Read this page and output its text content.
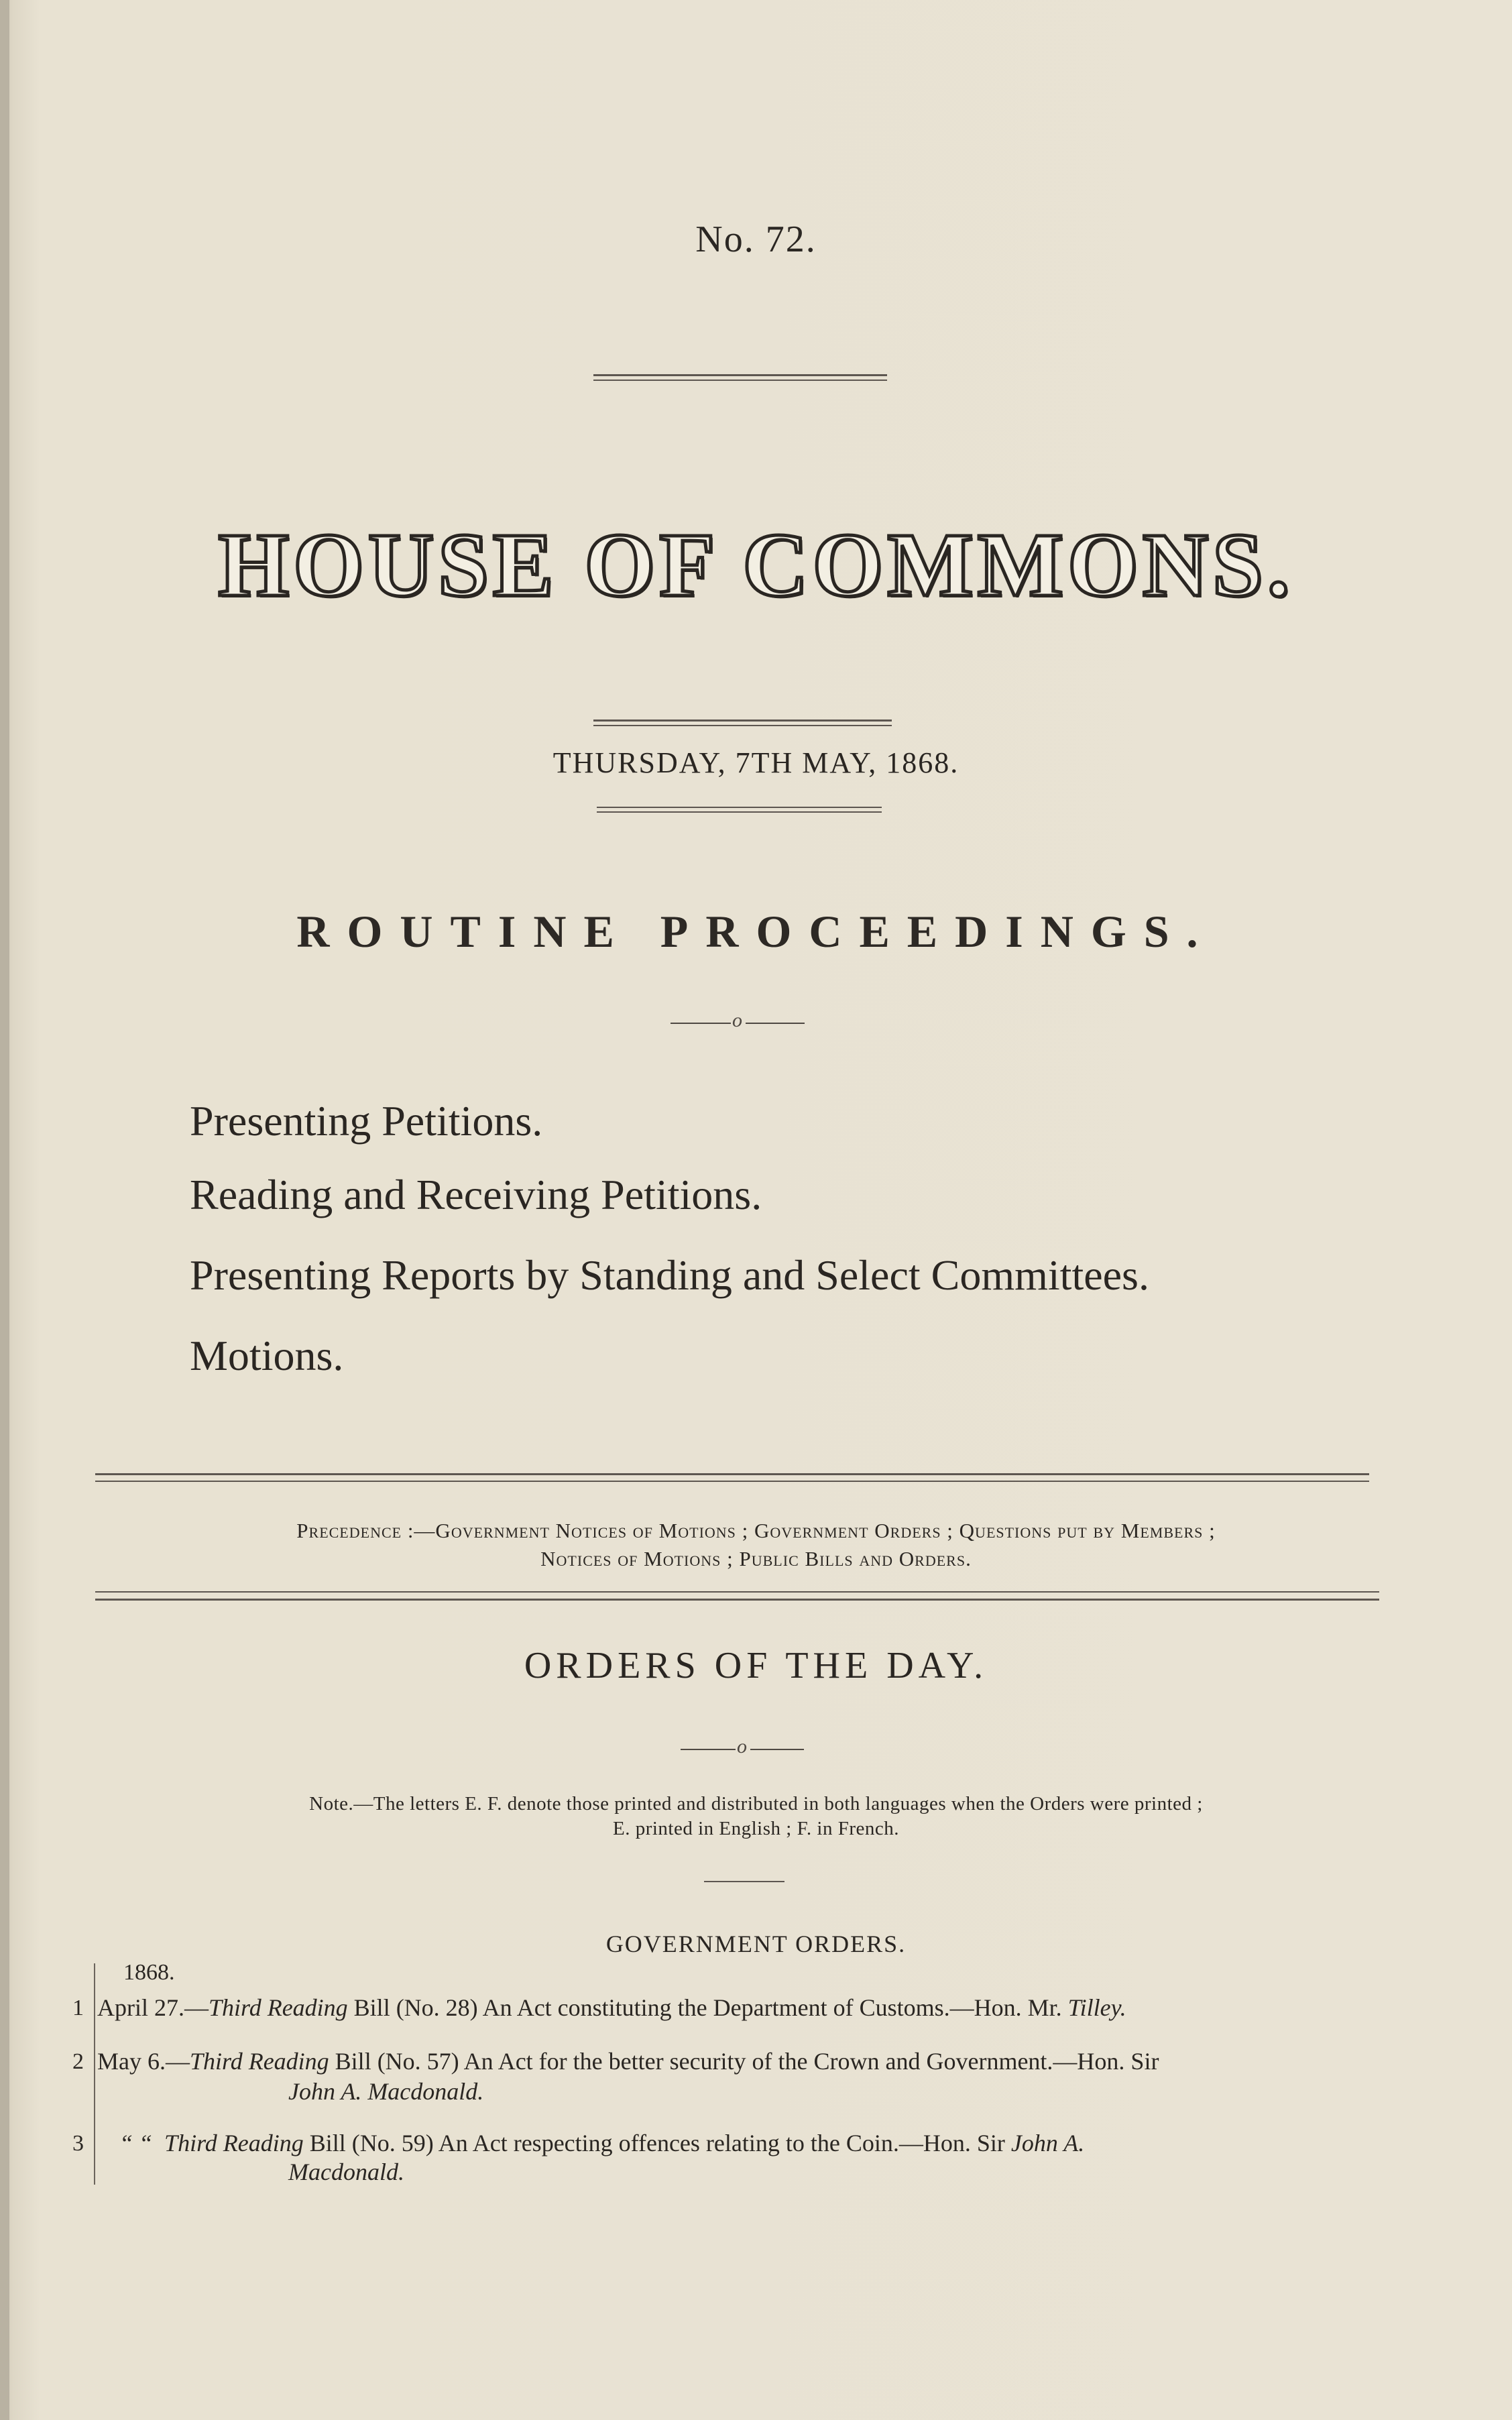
No. 72.
HOUSE OF COMMONS.
THURSDAY, 7TH MAY, 1868.
ROUTINE PROCEEDINGS.
o
Presenting Petitions.
Reading and Receiving Petitions.
Presenting Reports by Standing and Select Committees.
Motions.
Precedence :—Government Notices of Motions ; Government Orders ; Questions put by Members ;
Notices of Motions ; Public Bills and Orders.
ORDERS OF THE DAY.
o
Note.—The letters E. F. denote those printed and distributed in both languages when the Orders were printed ;
E. printed in English ; F. in French.
GOVERNMENT ORDERS.
1868.
1 April 27.—Third Reading Bill (No. 28) An Act constituting the Department of Customs.—Hon. Mr. Tilley.
2 May 6.—Third Reading Bill (No. 57) An Act for the better security of the Crown and Government.—Hon. Sir
John A. Macdonald.
3 “ “  Third Reading Bill (No. 59) An Act respecting offences relating to the Coin.—Hon. Sir John A.
Macdonald.
